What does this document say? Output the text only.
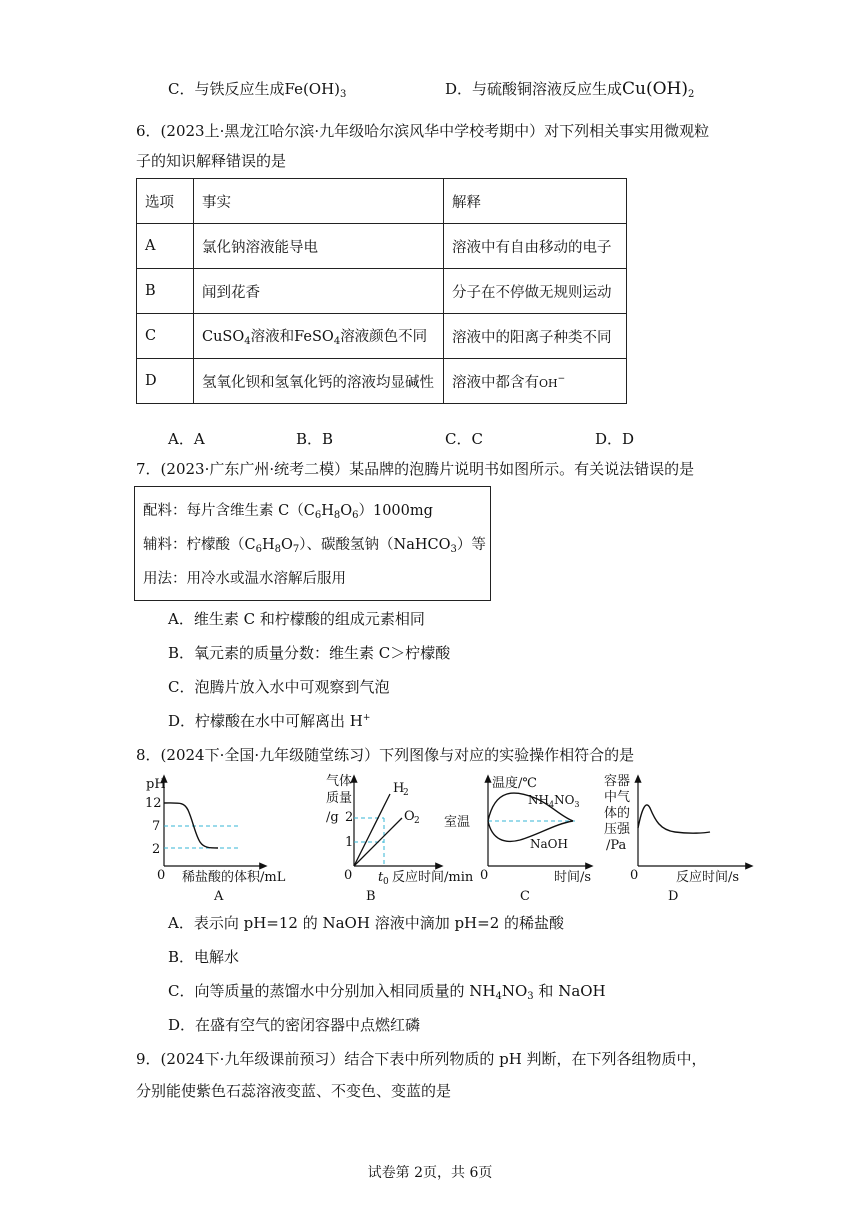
C．与铁反应生成$Fe(OH)_3$	D．与硫酸铜溶液反应生成$Cu(OH)_2$
6．(2023上·黑龙江哈尔滨·九年级哈尔滨风华中学校考期中）对下列相关事实用微观粒
子的知识解释错误的是
选项	事实	解释
A	氯化钠溶液能导电	溶液中有自由移动的电子
B	闻到花香	分子在不停做无规则运动
C	CuSO$_4$溶液和FeSO$_4$溶液颜色不同	溶液中的阳离子种类不同
D	氢氧化钡和氢氧化钙的溶液均显碱性	溶液中都含有OH−
A．A	B．B	C．C	D．D
7．(2023·广东广州·统考二模）某品牌的泡腾片说明书如图所示。有关说法错误的是
配料：每片含维生素 $C(C_6H_8O_6)1000mg$
辅料：柠檬酸$(C_6H_8O_7)$、碳酸氢钠（NaHCO$_3$）等
用法：用冷水或温水溶解后服用
A．维生素 C 和柠檬酸的组成元素相同
B．氧元素的质量分数：维生素 C＞柠檬酸
C．泡腾片放入水中可观察到气泡
D．柠檬酸在水中可解离出 H+
8．(2024下·全国·九年级随堂练习）下列图像与对应的实验操作相符合的是
pH
12
7
2
0 稀盐酸的体积/mL
A
气体
质量
/g 2
1
0 t 0 反应时间/min
H
2
O 2
B
温度/℃
室温
$NH_4NO_3$
NaOH
0	时间/s
C
容器
中气
体的
压强
/Pa
0	反应时间/s
D
A．表示向 pH=12 的 NaOH 溶液中滴加 pH=2 的稀盐酸
B．电解水
C．向等质量的蒸馏水中分别加入相同质量的 $NH_4NO_3$ 和 NaOH
D．在盛有空气的密闭容器中点燃红磷
9．(2024下·九年级课前预习）结合下表中所列物质的 pH 判断，在下列各组物质中，
分别能使紫色石蕊溶液变蓝、不变色、变蓝的是
试卷第 2页，共 6页
